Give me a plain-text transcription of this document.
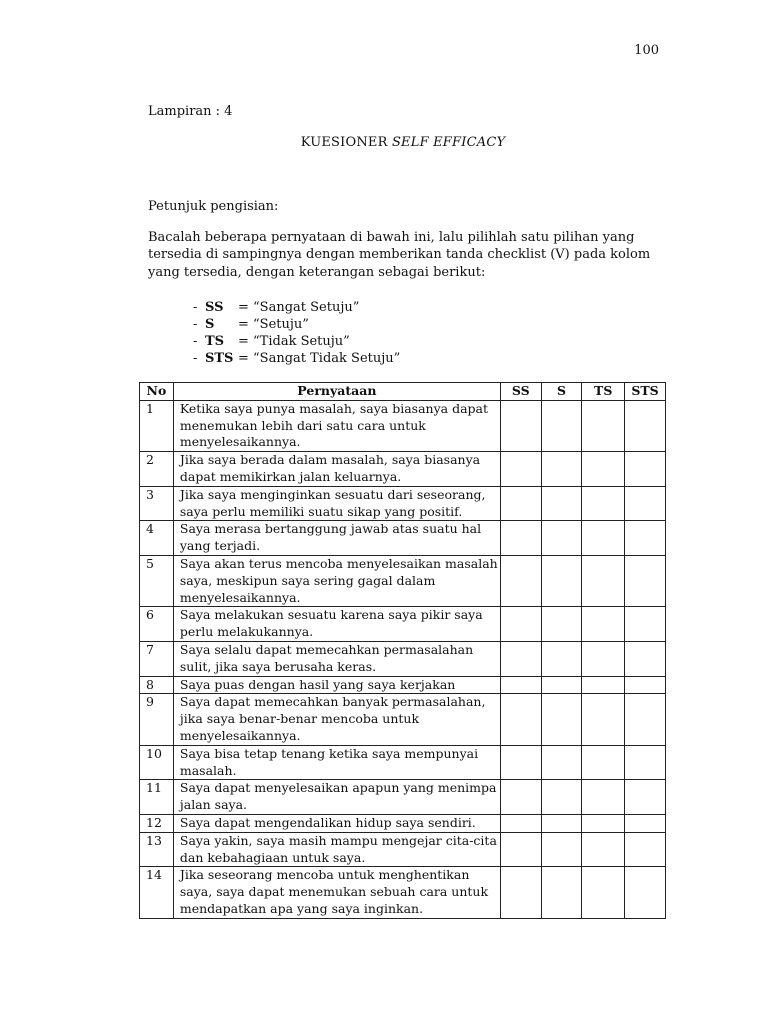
100
Lampiran : 4
KUESIONER SELF EFFICACY
Petunjuk pengisian:

Bacalah beberapa pernyataan di bawah ini, lalu pilihlah satu pilihan yang tersedia di sampingnya dengan memberikan tanda checklist (V) pada kolom yang tersedia, dengan keterangan sebagai berikut:

- SS	= “Sangat Setuju”
- S	= “Setuju”
- TS	= “Tidak Setuju”
- STS = “Sangat Tidak Setuju”
No	Pernyataan	SS	S	TS	STS
1	Ketika saya punya masalah, saya biasanya dapat menemukan lebih dari satu cara untuk menyelesaikannya.				
2	Jika saya berada dalam masalah, saya biasanya dapat memikirkan jalan keluarnya.				
3	Jika saya menginginkan sesuatu dari seseorang, saya perlu memiliki suatu sikap yang positif.				
4	Saya merasa bertanggung jawab atas suatu hal yang terjadi.				
5	Saya akan terus mencoba menyelesaikan masalah saya, meskipun saya sering gagal dalam menyelesaikannya.				
6	Saya melakukan sesuatu karena saya pikir saya perlu melakukannya.				
7	Saya selalu dapat memecahkan permasalahan sulit, jika saya berusaha keras.				
8	Saya puas dengan hasil yang saya kerjakan				
9	Saya dapat memecahkan banyak permasalahan, jika saya benar-benar mencoba untuk menyelesaikannya.				
10	Saya bisa tetap tenang ketika saya mempunyai masalah.				
11	Saya dapat menyelesaikan apapun yang menimpa jalan saya.				
12	Saya dapat mengendalikan hidup saya sendiri.				
13	Saya yakin, saya masih mampu mengejar cita-cita dan kebahagiaan untuk saya.				
14	Jika seseorang mencoba untuk menghentikan saya, saya dapat menemukan sebuah cara untuk mendapatkan apa yang saya inginkan.				
